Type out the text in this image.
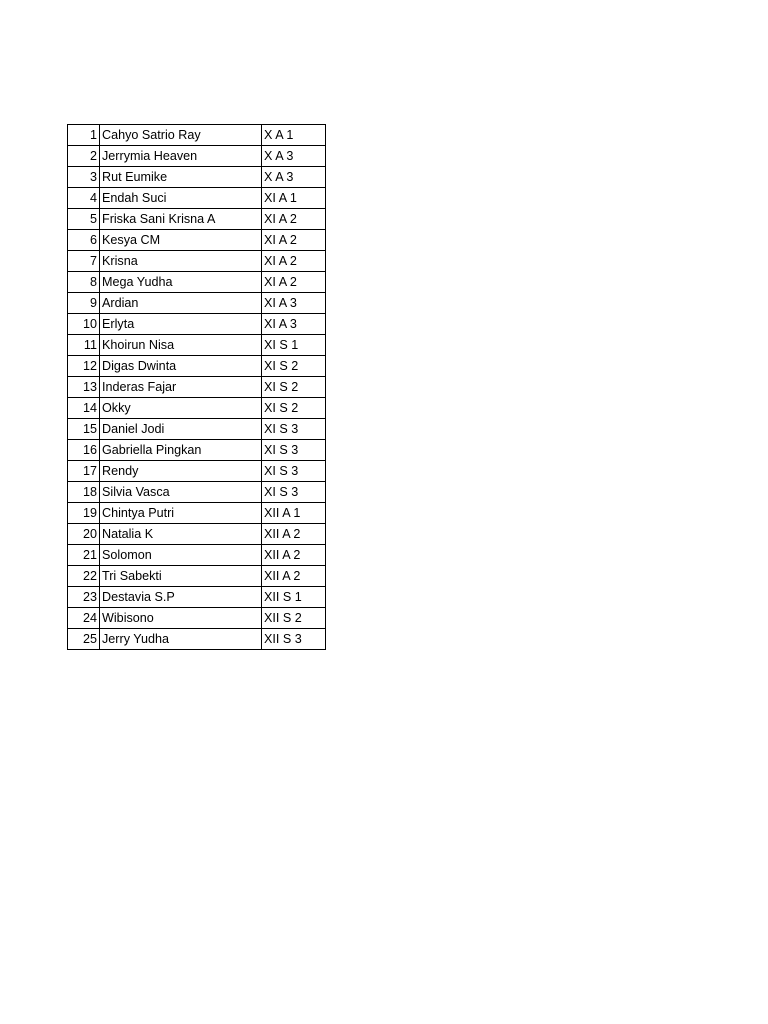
1	Cahyo Satrio Ray	X A 1
2	Jerrymia Heaven	X A 3
3	Rut Eumike	X A 3
4	Endah Suci	XI A 1
5	Friska Sani Krisna A	XI A 2
6	Kesya CM	XI A 2
7	Krisna	XI A 2
8	Mega Yudha	XI A 2
9	Ardian	XI A 3
10	Erlyta	XI A 3
11	Khoirun Nisa	XI S 1
12	Digas Dwinta	XI S 2
13	Inderas Fajar	XI S 2
14	Okky	XI S 2
15	Daniel Jodi	XI S 3
16	Gabriella Pingkan	XI S 3
17	Rendy	XI S 3
18	Silvia Vasca	XI S 3
19	Chintya Putri	XII A 1
20	Natalia K	XII A 2
21	Solomon	XII A 2
22	Tri Sabekti	XII A 2
23	Destavia S.P	XII S 1
24	Wibisono	XII S 2
25	Jerry Yudha	XII S 3
